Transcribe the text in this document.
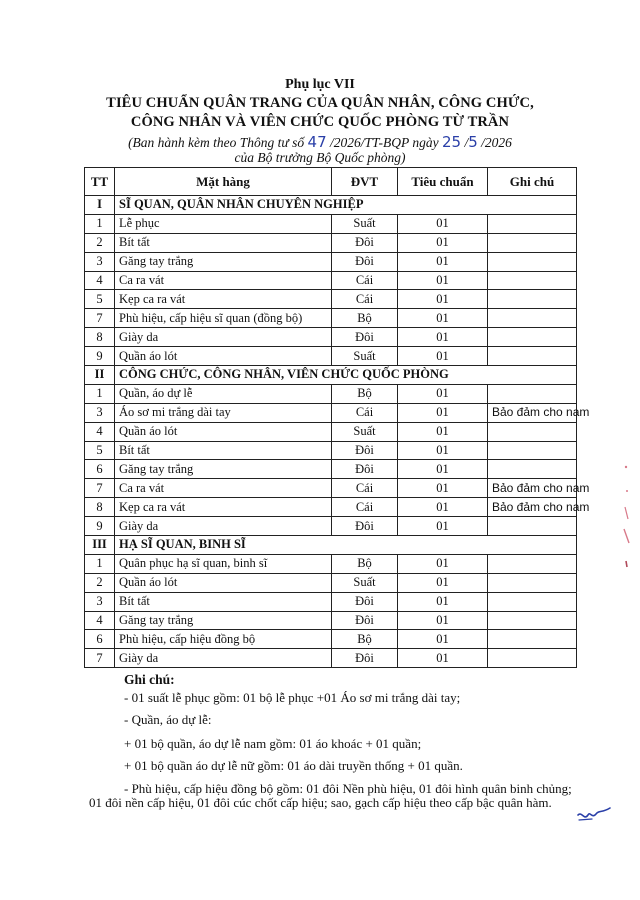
Phụ lục VII
TIÊU CHUẨN QUÂN TRANG CỦA QUÂN NHÂN, CÔNG CHỨC,
CÔNG NHÂN VÀ VIÊN CHỨC QUỐC PHÒNG TỪ TRẦN
(Ban hành kèm theo Thông tư số 47 /2026/TT-BQP ngày 25 /5 /2026
của Bộ trưởng Bộ Quốc phòng)
TT	Mặt hàng	ĐVT	Tiêu chuẩn	Ghi chú
I	SĨ QUAN, QUÂN NHÂN CHUYÊN NGHIỆP			
1	Lễ phục	Suất	01	
2	Bít tất	Đôi	01	
3	Găng tay trắng	Đôi	01	
4	Ca ra vát	Cái	01	
5	Kẹp ca ra vát	Cái	01	
7	Phù hiệu, cấp hiệu sĩ quan (đồng bộ)	Bộ	01	
8	Giày da	Đôi	01	
9	Quần áo lót	Suất	01	
II	CÔNG CHỨC, CÔNG NHÂN, VIÊN CHỨC QUỐC PHÒNG			
1	Quần, áo dự lễ	Bộ	01	
3	Áo sơ mi trắng dài tay	Cái	01	Bảo đảm cho nam
4	Quần áo lót	Suất	01	
5	Bít tất	Đôi	01	
6	Găng tay trắng	Đôi	01	
7	Ca ra vát	Cái	01	Bảo đảm cho nam
8	Kẹp ca ra vát	Cái	01	Bảo đảm cho nam
9	Giày da	Đôi	01	
III	HẠ SĨ QUAN, BINH SĨ			
1	Quân phục hạ sĩ quan, binh sĩ	Bộ	01	
2	Quần áo lót	Suất	01	
3	Bít tất	Đôi	01	
4	Găng tay trắng	Đôi	01	
6	Phù hiệu, cấp hiệu đồng bộ	Bộ	01	
7	Giày da	Đôi	01	
Ghi chú:
- 01 suất lễ phục gồm: 01 bộ lễ phục +01 Áo sơ mi trắng dài tay;
- Quần, áo dự lễ:
+ 01 bộ quần, áo dự lễ nam gồm: 01 áo khoác + 01 quần;
+ 01 bộ quần áo dự lễ nữ gồm: 01 áo dài truyền thống + 01 quần.
- Phù hiệu, cấp hiệu đồng bộ gồm: 01 đôi Nền phù hiệu, 01 đôi hình quân binh chủng;
01 đôi nền cấp hiệu, 01 đôi cúc chốt cấp hiệu; sao, gạch cấp hiệu theo cấp bậc quân hàm.
